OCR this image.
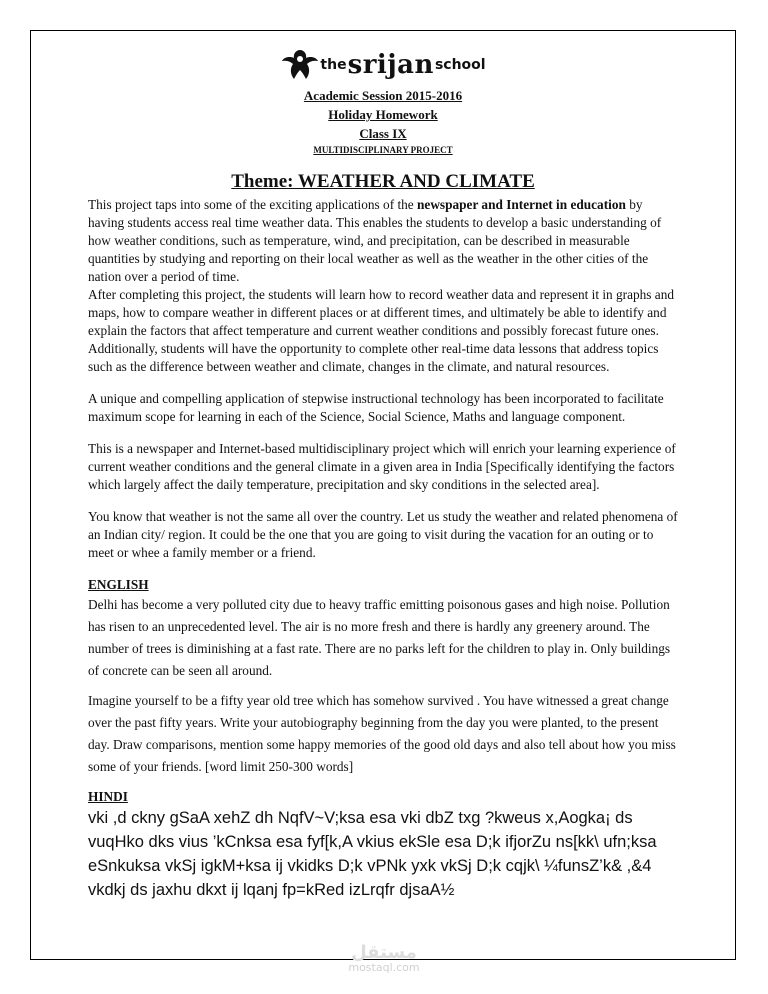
the srijan school
Academic Session 2015-2016
Holiday Homework
Class IX
MULTIDISCIPLINARY PROJECT
Theme: WEATHER AND CLIMATE

This project taps into some of the exciting applications of the newspaper and Internet in education by having students access real time weather data. This enables the students to develop a basic understanding of how weather conditions, such as temperature, wind, and precipitation, can be described in measurable quantities by studying and reporting on their local weather as well as the weather in the other cities of the nation over a period of time.

After completing this project, the students will learn how to record weather data and represent it in graphs and maps, how to compare weather in different places or at different times, and ultimately be able to identify and explain the factors that affect temperature and current weather conditions and possibly forecast future ones. Additionally, students will have the opportunity to complete other real-time data lessons that address topics such as the difference between weather and climate, changes in the climate, and natural resources.

A unique and compelling application of stepwise instructional technology has been incorporated to facilitate maximum scope for learning in each of the Science, Social Science, Maths and language component.

This is a newspaper and Internet-based multidisciplinary project which will enrich your learning experience of current weather conditions and the general climate in a given area in India [Specifically identifying the factors which largely affect the daily temperature, precipitation and sky conditions in the selected area].

You know that weather is not the same all over the country. Let us study the weather and related phenomena of an Indian city/ region. It could be the one that you are going to visit during the vacation for an outing or to meet or whee a family member or a friend.

ENGLISH

Delhi has become a very polluted city due to heavy traffic emitting poisonous gases and high noise. Pollution has risen to an unprecedented level. The air is no more fresh and there is hardly any greenery around. The number of trees is diminishing at a fast rate. There are no parks left for the children to play in. Only buildings of concrete can be seen all around.

Imagine yourself to be a fifty year old tree which has somehow survived . You have witnessed a great change over the past fifty years. Write your autobiography beginning from the day you were planted, to the present day. Draw comparisons, mention some happy memories of the good old days and also tell about how you miss some of your friends. [word limit 250-300 words]

HINDI

vki ,d ckny gSaA xehZ dh NqfV~V;ksa esa vki dbZ txg ?kweus x,Aogka¡ ds vuqHko dks vius ’kCnksa esa fyf[k,A vkius ekSle esa D;k ifjorZu ns[kk\ ufn;ksa eSnkuksa vkSj igkM+ksa ij vkidks D;k vPNk yxk vkSj D;k cqjk\ ¼funsZ’k& ,&4 vkdkj ds jaxhu dkxt ij lqanj fp=kRed izLrqfr djsaA½

مستقل
mostaql.com
